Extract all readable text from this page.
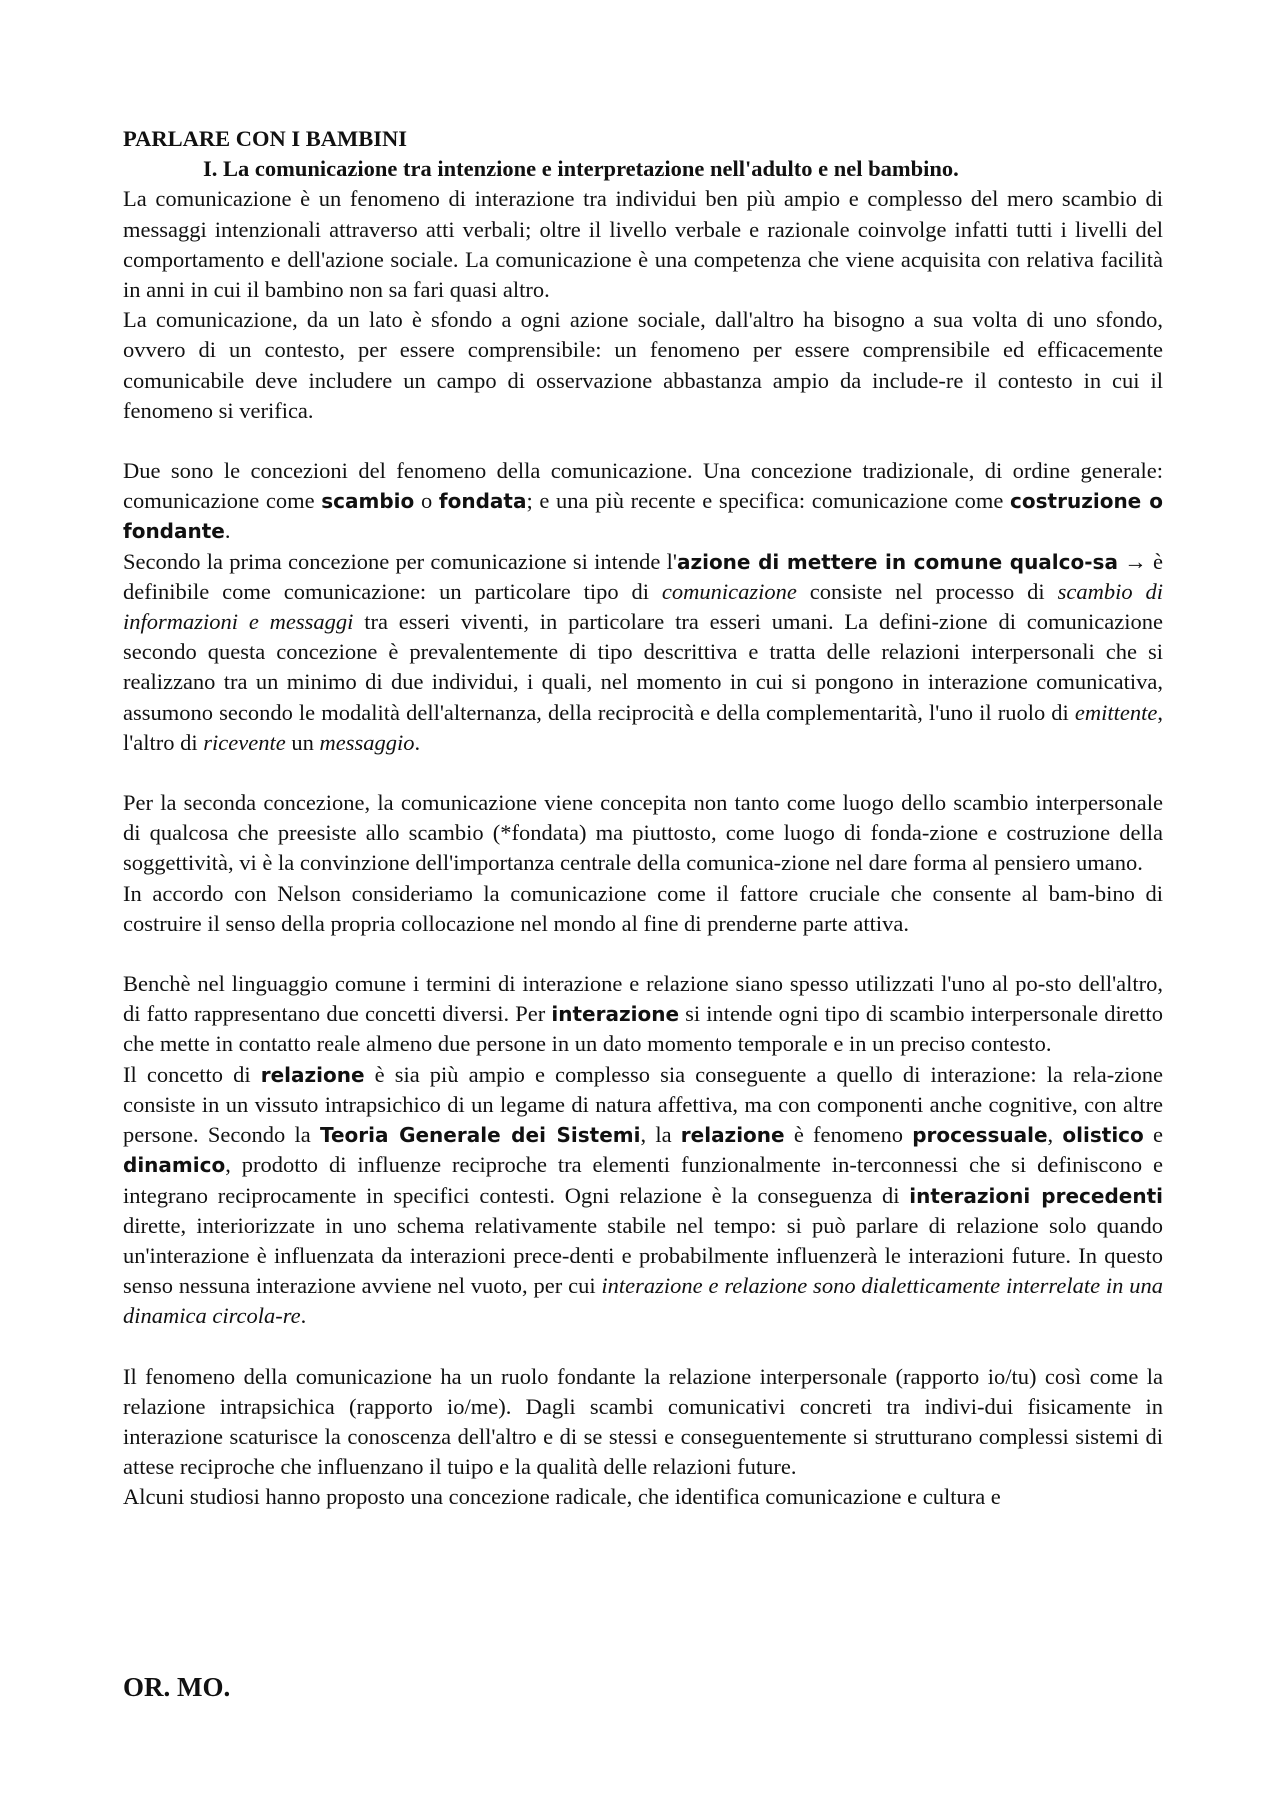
PARLARE CON I BAMBINI

I. La comunicazione tra intenzione e interpretazione nell'adulto e nel bambino.

La comunicazione è un fenomeno di interazione tra individui ben più ampio e complesso del mero scambio di messaggi intenzionali attraverso atti verbali; oltre il livello verbale e razionale coinvolge infatti tutti i livelli del comportamento e dell'azione sociale. La comunicazione è una competenza che viene acquisita con relativa facilità in anni in cui il bambino non sa fari quasi altro.

La comunicazione, da un lato è sfondo a ogni azione sociale, dall'altro ha bisogno a sua volta di uno sfondo, ovvero di un contesto, per essere comprensibile: un fenomeno per essere comprensibile ed efficacemente comunicabile deve includere un campo di osservazione abbastanza ampio da include-re il contesto in cui il fenomeno si verifica.

Due sono le concezioni del fenomeno della comunicazione. Una concezione tradizionale, di ordine generale: comunicazione come scambio o fondata; e una più recente e specifica: comunicazione come costruzione o fondante.

Secondo la prima concezione per comunicazione si intende l'azione di mettere in comune qualco-sa → è definibile come comunicazione: un particolare tipo di comunicazione consiste nel processo di scambio di informazioni e messaggi tra esseri viventi, in particolare tra esseri umani. La defini-zione di comunicazione secondo questa concezione è prevalentemente di tipo descrittiva e tratta delle relazioni interpersonali che si realizzano tra un minimo di due individui, i quali, nel momento in cui si pongono in interazione comunicativa, assumono secondo le modalità dell'alternanza, della reciprocità e della complementarità, l'uno il ruolo di emittente, l'altro di ricevente un messaggio.

Per la seconda concezione, la comunicazione viene concepita non tanto come luogo dello scambio interpersonale di qualcosa che preesiste allo scambio (*fondata) ma piuttosto, come luogo di fonda-zione e costruzione della soggettività, vi è la convinzione dell'importanza centrale della comunica-zione nel dare forma al pensiero umano.

In accordo con Nelson consideriamo la comunicazione come il fattore cruciale che consente al bam-bino di costruire il senso della propria collocazione nel mondo al fine di prenderne parte attiva.

Benchè nel linguaggio comune i termini di interazione e relazione siano spesso utilizzati l'uno al po-sto dell'altro, di fatto rappresentano due concetti diversi. Per interazione si intende ogni tipo di scambio interpersonale diretto che mette in contatto reale almeno due persone in un dato momento temporale e in un preciso contesto.

Il concetto di relazione è sia più ampio e complesso sia conseguente a quello di interazione: la rela-zione consiste in un vissuto intrapsichico di un legame di natura affettiva, ma con componenti anche cognitive, con altre persone. Secondo la Teoria Generale dei Sistemi, la relazione è fenomeno processuale, olistico e dinamico, prodotto di influenze reciproche tra elementi funzionalmente in-terconnessi che si definiscono e integrano reciprocamente in specifici contesti. Ogni relazione è la conseguenza di interazioni precedenti dirette, interiorizzate in uno schema relativamente stabile nel tempo: si può parlare di relazione solo quando un'interazione è influenzata da interazioni prece-denti e probabilmente influenzerà le interazioni future. In questo senso nessuna interazione avviene nel vuoto, per cui interazione e relazione sono dialetticamente interrelate in una dinamica circola-re.

Il fenomeno della comunicazione ha un ruolo fondante la relazione interpersonale (rapporto io/tu) così come la relazione intrapsichica (rapporto io/me). Dagli scambi comunicativi concreti tra indivi-dui fisicamente in interazione scaturisce la conoscenza dell'altro e di se stessi e conseguentemente si strutturano complessi sistemi di attese reciproche che influenzano il tuipo e la qualità delle relazioni future.

Alcuni studiosi hanno proposto una concezione radicale, che identifica comunicazione e cultura e

OR. MO.
